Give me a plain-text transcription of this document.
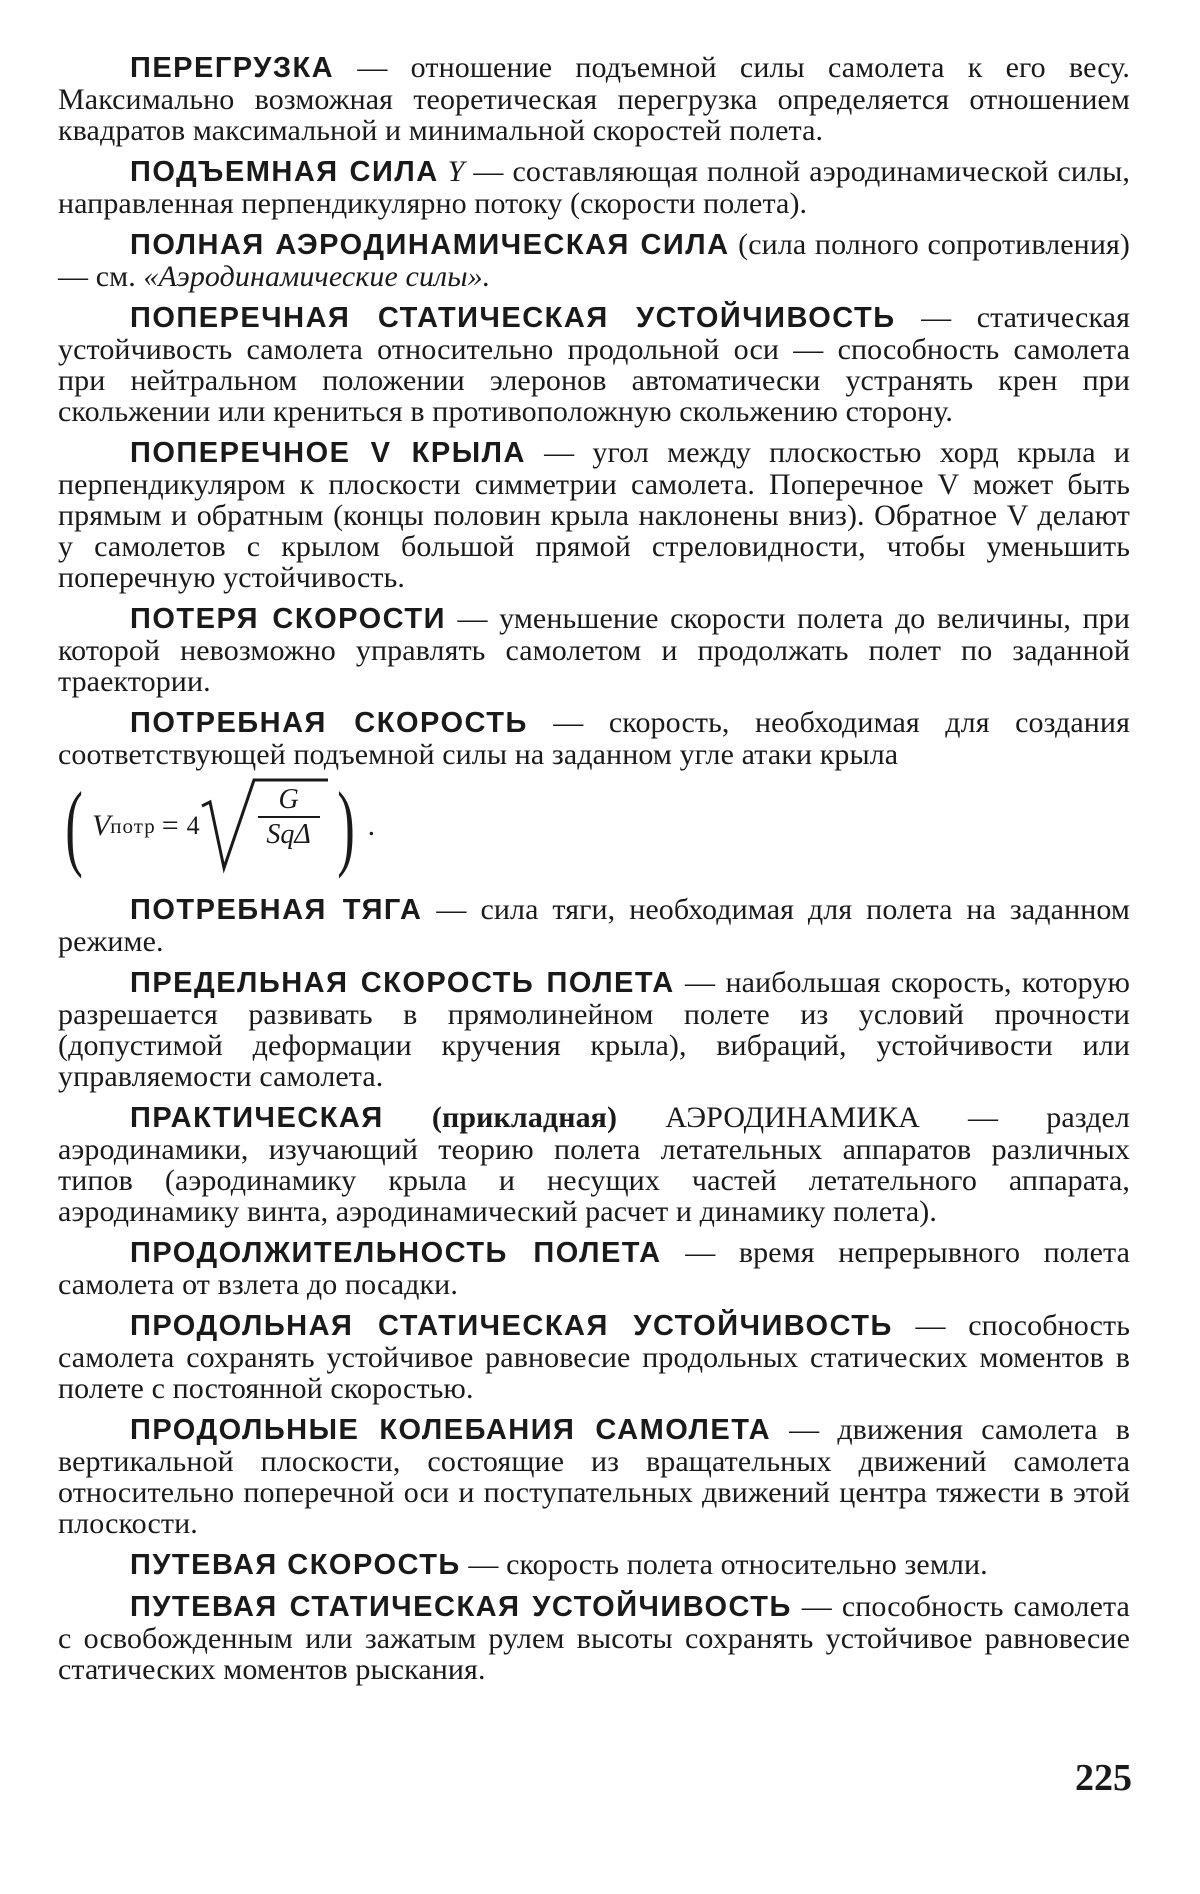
ПЕРЕГРУЗКА — отношение подъемной силы самолета к его весу. Максимально возможная теоретическая перегрузка определяется отношением квадратов максимальной и минимальной скоростей полета.

ПОДЪЕМНАЯ СИЛА Y — составляющая полной аэродинамической силы, направленная перпендикулярно потоку (скорости полета).

ПОЛНАЯ АЭРОДИНАМИЧЕСКАЯ СИЛА (сила полного сопротивления) — см. «Аэродинамические силы».

ПОПЕРЕЧНАЯ СТАТИЧЕСКАЯ УСТОЙЧИВОСТЬ — статическая устойчивость самолета относительно продольной оси — способность самолета при нейтральном положении элеронов автоматически устранять крен при скольжении или крениться в противоположную скольжению сторону.

ПОПЕРЕЧНОЕ V КРЫЛА — угол между плоскостью хорд крыла и перпендикуляром к плоскости симметрии самолета. Поперечное V может быть прямым и обратным (концы половин крыла наклонены вниз). Обратное V делают у самолетов с крылом большой прямой стреловидности, чтобы уменьшить поперечную устойчивость.

ПОТЕРЯ СКОРОСТИ — уменьшение скорости полета до величины, при которой невозможно управлять самолетом и продолжать полет по заданной траектории.

ПОТРЕБНАЯ СКОРОСТЬ — скорость, необходимая для создания соответствующей подъемной силы на заданном угле атаки крыла

( V потр = $4 \frac{G}{\text{SqΔ}}$ ) .

ПОТРЕБНАЯ ТЯГА — сила тяги, необходимая для полета на заданном режиме.

ПРЕДЕЛЬНАЯ СКОРОСТЬ ПОЛЕТА — наибольшая скорость, которую разрешается развивать в прямолинейном полете из условий прочности (допустимой деформации кручения крыла), вибраций, устойчивости или управляемости самолета.

ПРАКТИЧЕСКАЯ (прикладная) АЭРОДИНАМИКА — раздел аэродинамики, изучающий теорию полета летательных аппаратов различных типов (аэродинамику крыла и несущих частей летательного аппарата, аэродинамику винта, аэродинамический расчет и динамику полета).

ПРОДОЛЖИТЕЛЬНОСТЬ ПОЛЕТА — время непрерывного полета самолета от взлета до посадки.

ПРОДОЛЬНАЯ СТАТИЧЕСКАЯ УСТОЙЧИВОСТЬ — способность самолета сохранять устойчивое равновесие продольных статических моментов в полете с постоянной скоростью.

ПРОДОЛЬНЫЕ КОЛЕБАНИЯ САМОЛЕТА — движения самолета в вертикальной плоскости, состоящие из вращательных движений самолета относительно поперечной оси и поступательных движений центра тяжести в этой плоскости.

ПУТЕВАЯ СКОРОСТЬ — скорость полета относительно земли.

ПУТЕВАЯ СТАТИЧЕСКАЯ УСТОЙЧИВОСТЬ — способность самолета с освобожденным или зажатым рулем высоты сохранять устойчивое равновесие статических моментов рыскания.

225
